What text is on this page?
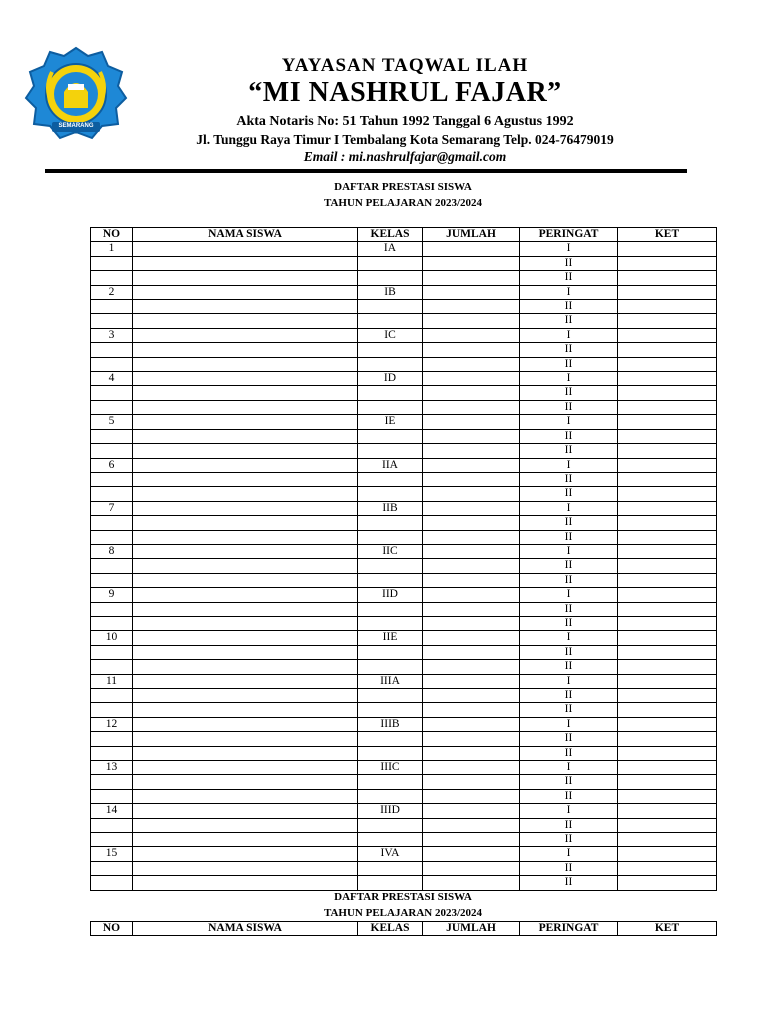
SEMARANG
YAYASAN TAQWAL ILAH
“MI NASHRUL FAJAR”
Akta Notaris No: 51 Tahun 1992 Tanggal 6 Agustus 1992
Jl. Tunggu Raya Timur I Tembalang Kota Semarang Telp. 024-76479019
Email : mi.nashrulfajar@gmail.com
DAFTAR PRESTASI SISWA
TAHUN PELAJARAN 2023/2024
NO	NAMA SISWA	KELAS	JUMLAH	PERINGAT	KET
1		IA		I	
				II	
				II	
2		IB		I	
				II	
				II	
3		IC		I	
				II	
				II	
4		ID		I	
				II	
				II	
5		IE		I	
				II	
				II	
6		IIA		I	
				II	
				II	
7		IIB		I	
				II	
				II	
8		IIC		I	
				II	
				II	
9		IID		I	
				II	
				II	
10		IIE		I	
				II	
				II	
11		IIIA		I	
				II	
				II	
12		IIIB		I	
				II	
				II	
13		IIIC		I	
				II	
				II	
14		IIID		I	
				II	
				II	
15		IVA		I	
				II	
				II	
DAFTAR PRESTASI SISWA
TAHUN PELAJARAN 2023/2024
NO	NAMA SISWA	KELAS	JUMLAH	PERINGAT	KET
